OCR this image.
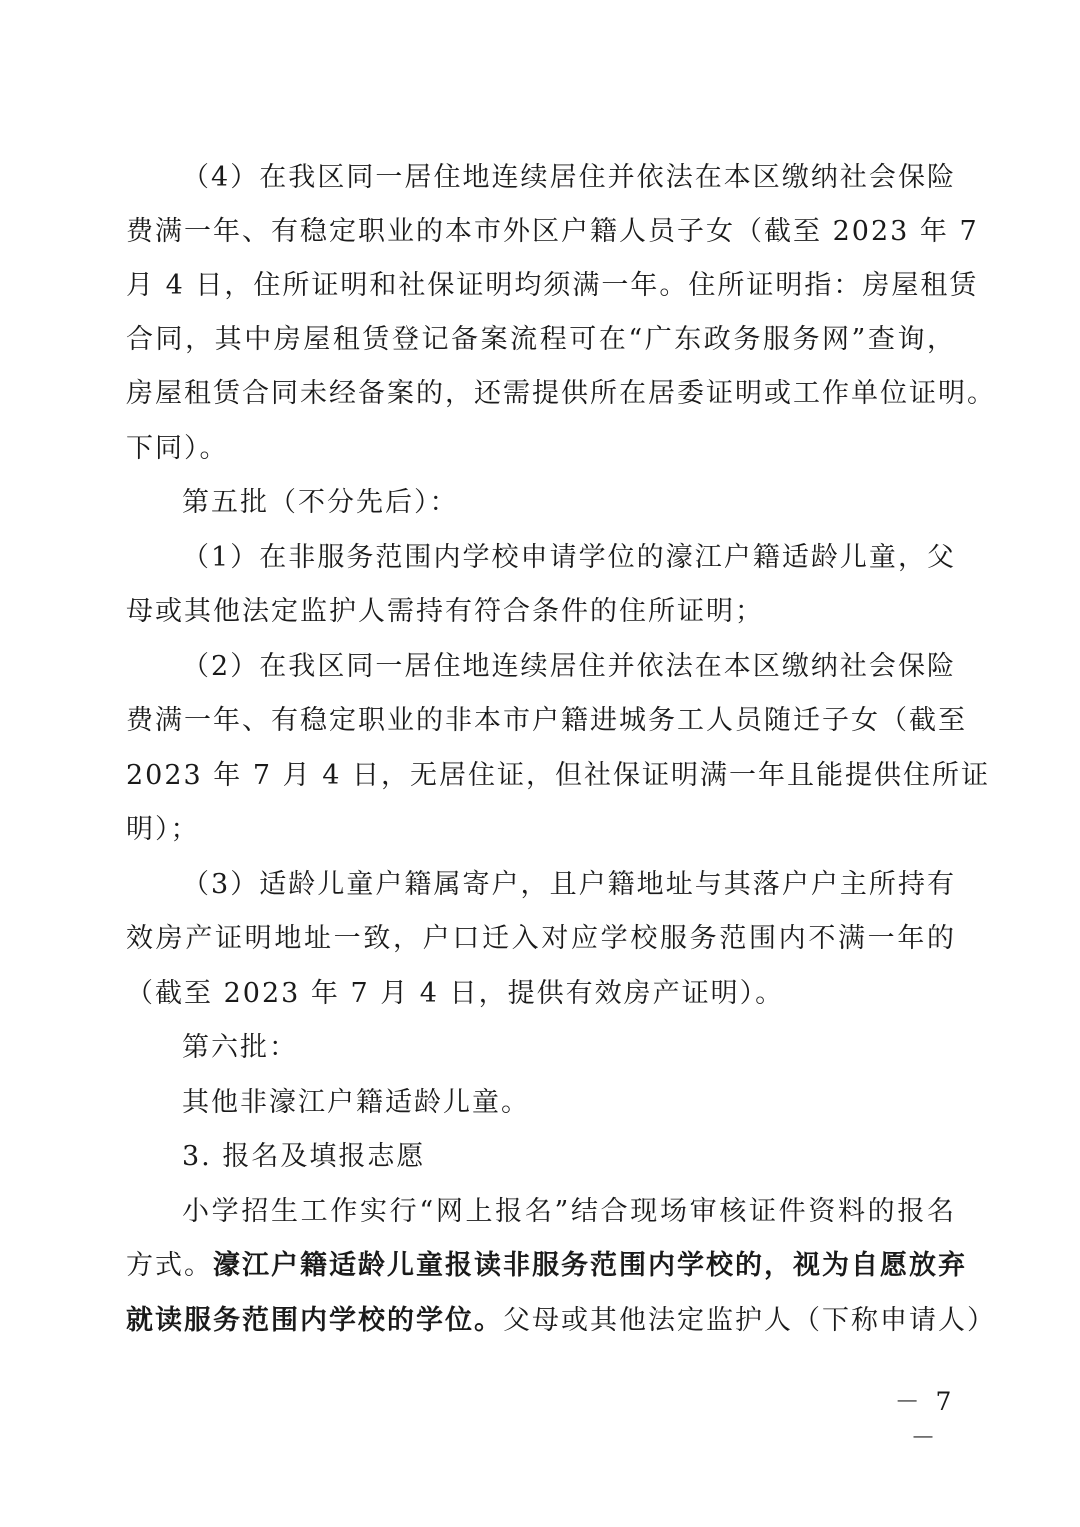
（4）在我区同一居住地连续居住并依法在本区缴纳社会保险
费满一年、有稳定职业的本市外区户籍人员子女（截至 2023 年 7
月 4 日，住所证明和社保证明均须满一年。住所证明指：房屋租赁
合同，其中房屋租赁登记备案流程可在“广东政务服务网”查询，
房屋租赁合同未经备案的，还需提供所在居委证明或工作单位证明。
下同）。
第五批（不分先后）：
（1）在非服务范围内学校申请学位的濠江户籍适龄儿童，父
母或其他法定监护人需持有符合条件的住所证明；
（2）在我区同一居住地连续居住并依法在本区缴纳社会保险
费满一年、有稳定职业的非本市户籍进城务工人员随迁子女（截至
2023 年 7 月 4 日，无居住证，但社保证明满一年且能提供住所证
明）；
（3）适龄儿童户籍属寄户，且户籍地址与其落户户主所持有
效房产证明地址一致，户口迁入对应学校服务范围内不满一年的
（截至 2023 年 7 月 4 日，提供有效房产证明）。
第六批：
其他非濠江户籍适龄儿童。
3. 报名及填报志愿
小学招生工作实行“网上报名”结合现场审核证件资料的报名
方式。濠江户籍适龄儿童报读非服务范围内学校的，视为自愿放弃
就读服务范围内学校的学位。父母或其他法定监护人（下称申请人）
－ 7 －
